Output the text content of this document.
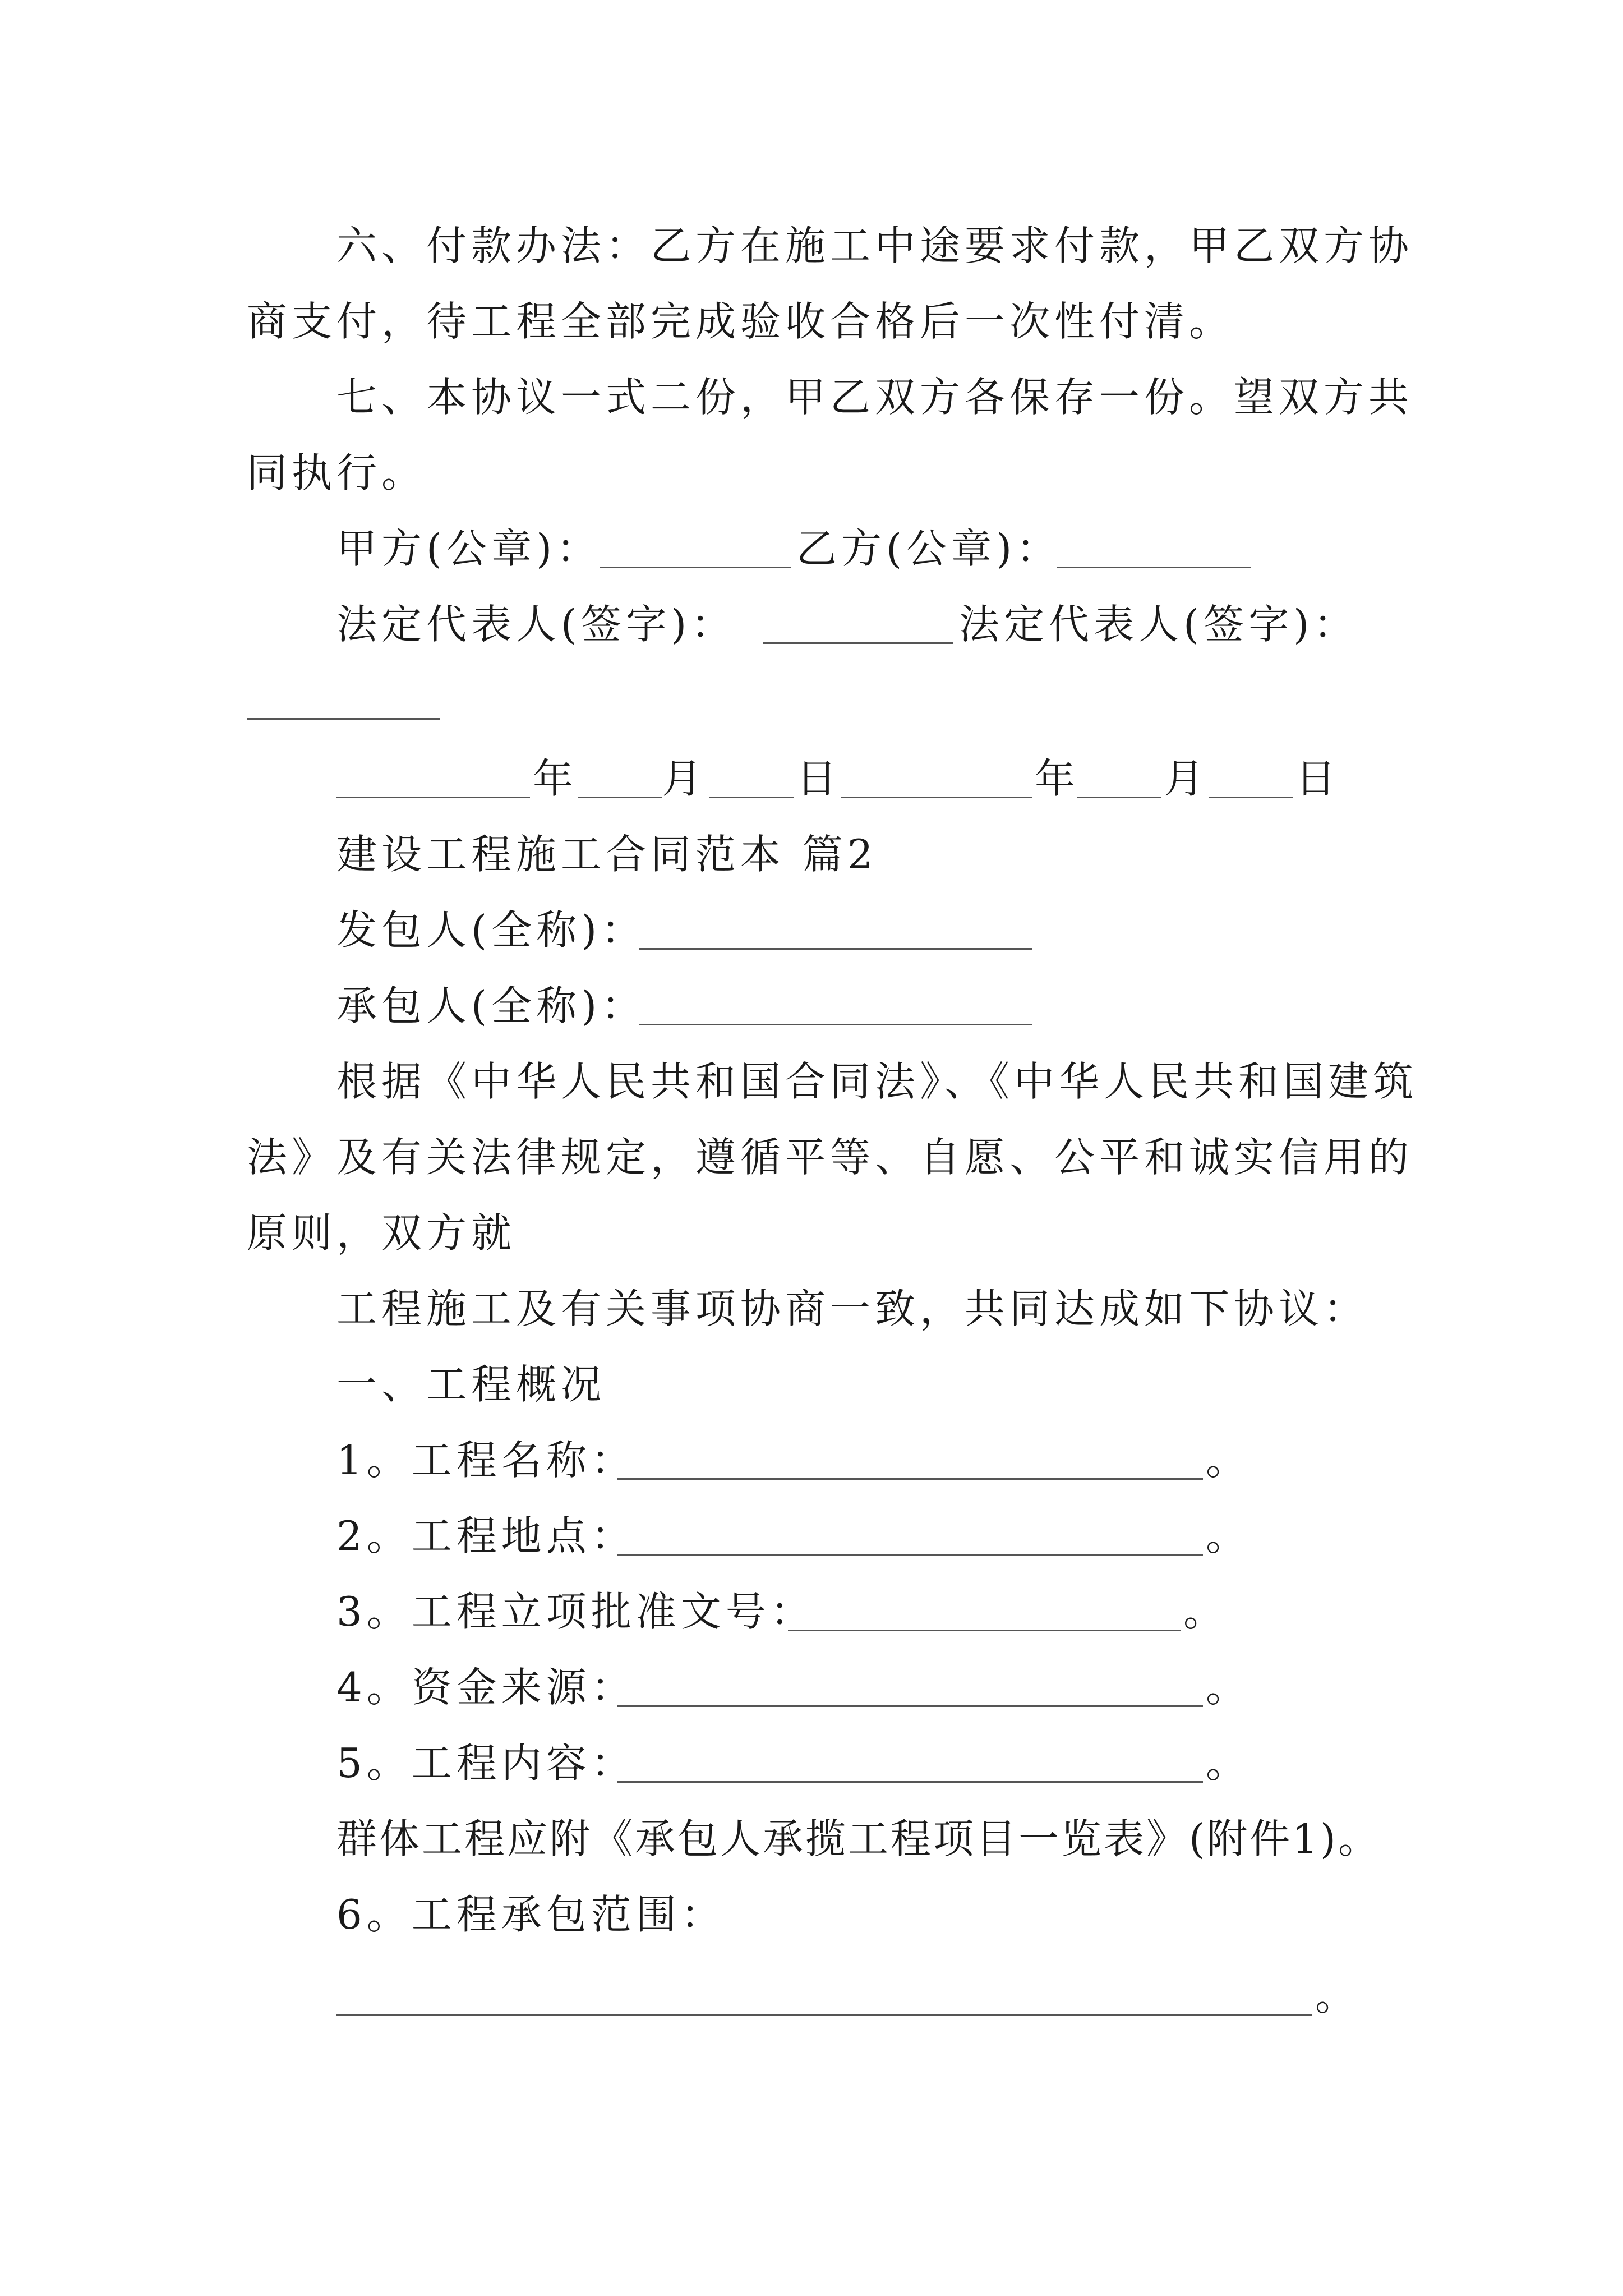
六、付款办法：乙方在施工中途要求付款，甲乙双方协
商支付，待工程全部完成验收合格后一次性付清。
七、本协议一式二份，甲乙双方各保存一份。望双方共
同执行。
甲方(公章)：	乙方(公章)：
法定代表人(签字)：	法定代表人(签字)：
年 月 日	年 月 日
建设工程施工合同范本 篇2
发包人(全称)：
承包人(全称)：
根据《中华人民共和国合同法》、《中华人民共和国建筑
法》及有关法律规定，遵循平等、自愿、公平和诚实信用的
原则，双方就
工程施工及有关事项协商一致，共同达成如下协议：
一、工程概况
1。工程名称：	。
2。工程地点：	。
3。工程立项批准文号：	。
4。资金来源：	。
5。工程内容：	。
群体工程应附《承包人承揽工程项目一览表》(附件1)。
6。工程承包范围：
。
